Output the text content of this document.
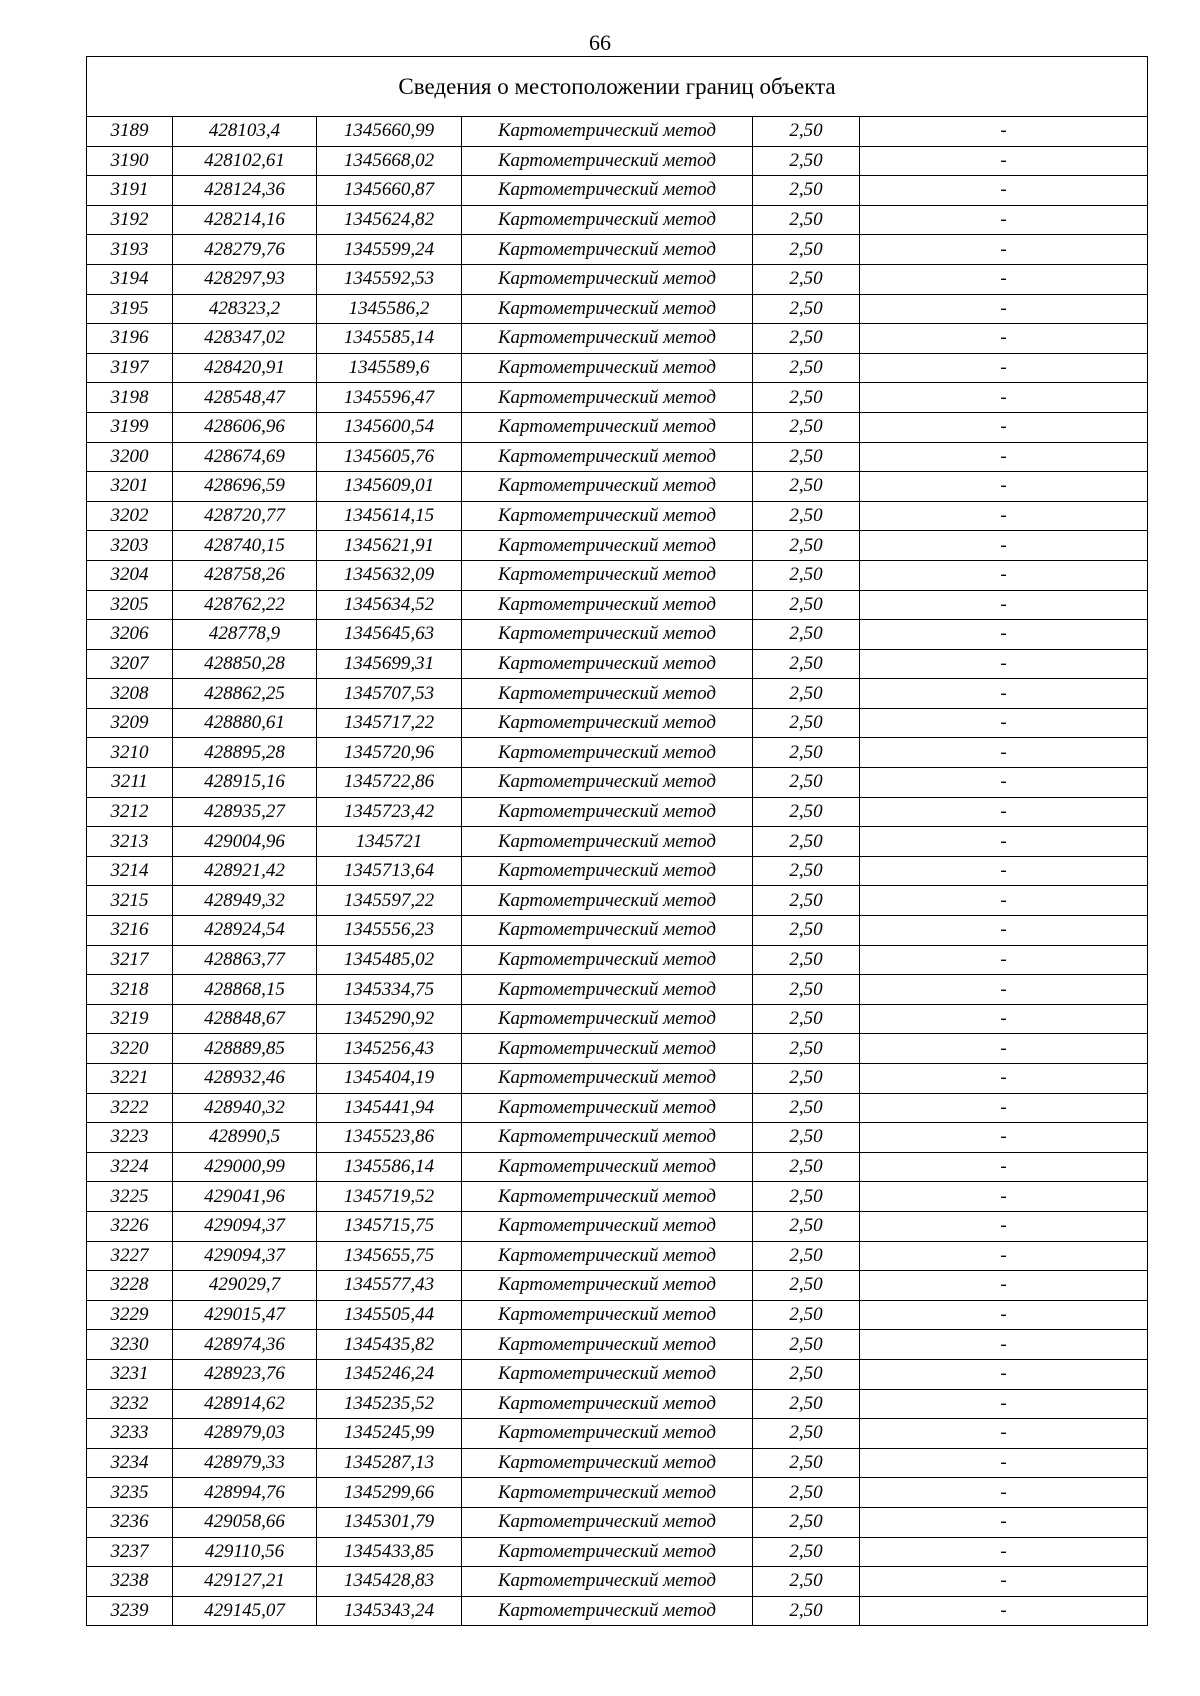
66
Сведения о местоположении границ объекта					
3189	428103,4	1345660,99	Картометрический метод	2,50	-
3190	428102,61	1345668,02	Картометрический метод	2,50	-
3191	428124,36	1345660,87	Картометрический метод	2,50	-
3192	428214,16	1345624,82	Картометрический метод	2,50	-
3193	428279,76	1345599,24	Картометрический метод	2,50	-
3194	428297,93	1345592,53	Картометрический метод	2,50	-
3195	428323,2	1345586,2	Картометрический метод	2,50	-
3196	428347,02	1345585,14	Картометрический метод	2,50	-
3197	428420,91	1345589,6	Картометрический метод	2,50	-
3198	428548,47	1345596,47	Картометрический метод	2,50	-
3199	428606,96	1345600,54	Картометрический метод	2,50	-
3200	428674,69	1345605,76	Картометрический метод	2,50	-
3201	428696,59	1345609,01	Картометрический метод	2,50	-
3202	428720,77	1345614,15	Картометрический метод	2,50	-
3203	428740,15	1345621,91	Картометрический метод	2,50	-
3204	428758,26	1345632,09	Картометрический метод	2,50	-
3205	428762,22	1345634,52	Картометрический метод	2,50	-
3206	428778,9	1345645,63	Картометрический метод	2,50	-
3207	428850,28	1345699,31	Картометрический метод	2,50	-
3208	428862,25	1345707,53	Картометрический метод	2,50	-
3209	428880,61	1345717,22	Картометрический метод	2,50	-
3210	428895,28	1345720,96	Картометрический метод	2,50	-
3211	428915,16	1345722,86	Картометрический метод	2,50	-
3212	428935,27	1345723,42	Картометрический метод	2,50	-
3213	429004,96	1345721	Картометрический метод	2,50	-
3214	428921,42	1345713,64	Картометрический метод	2,50	-
3215	428949,32	1345597,22	Картометрический метод	2,50	-
3216	428924,54	1345556,23	Картометрический метод	2,50	-
3217	428863,77	1345485,02	Картометрический метод	2,50	-
3218	428868,15	1345334,75	Картометрический метод	2,50	-
3219	428848,67	1345290,92	Картометрический метод	2,50	-
3220	428889,85	1345256,43	Картометрический метод	2,50	-
3221	428932,46	1345404,19	Картометрический метод	2,50	-
3222	428940,32	1345441,94	Картометрический метод	2,50	-
3223	428990,5	1345523,86	Картометрический метод	2,50	-
3224	429000,99	1345586,14	Картометрический метод	2,50	-
3225	429041,96	1345719,52	Картометрический метод	2,50	-
3226	429094,37	1345715,75	Картометрический метод	2,50	-
3227	429094,37	1345655,75	Картометрический метод	2,50	-
3228	429029,7	1345577,43	Картометрический метод	2,50	-
3229	429015,47	1345505,44	Картометрический метод	2,50	-
3230	428974,36	1345435,82	Картометрический метод	2,50	-
3231	428923,76	1345246,24	Картометрический метод	2,50	-
3232	428914,62	1345235,52	Картометрический метод	2,50	-
3233	428979,03	1345245,99	Картометрический метод	2,50	-
3234	428979,33	1345287,13	Картометрический метод	2,50	-
3235	428994,76	1345299,66	Картометрический метод	2,50	-
3236	429058,66	1345301,79	Картометрический метод	2,50	-
3237	429110,56	1345433,85	Картометрический метод	2,50	-
3238	429127,21	1345428,83	Картометрический метод	2,50	-
3239	429145,07	1345343,24	Картометрический метод	2,50	-
